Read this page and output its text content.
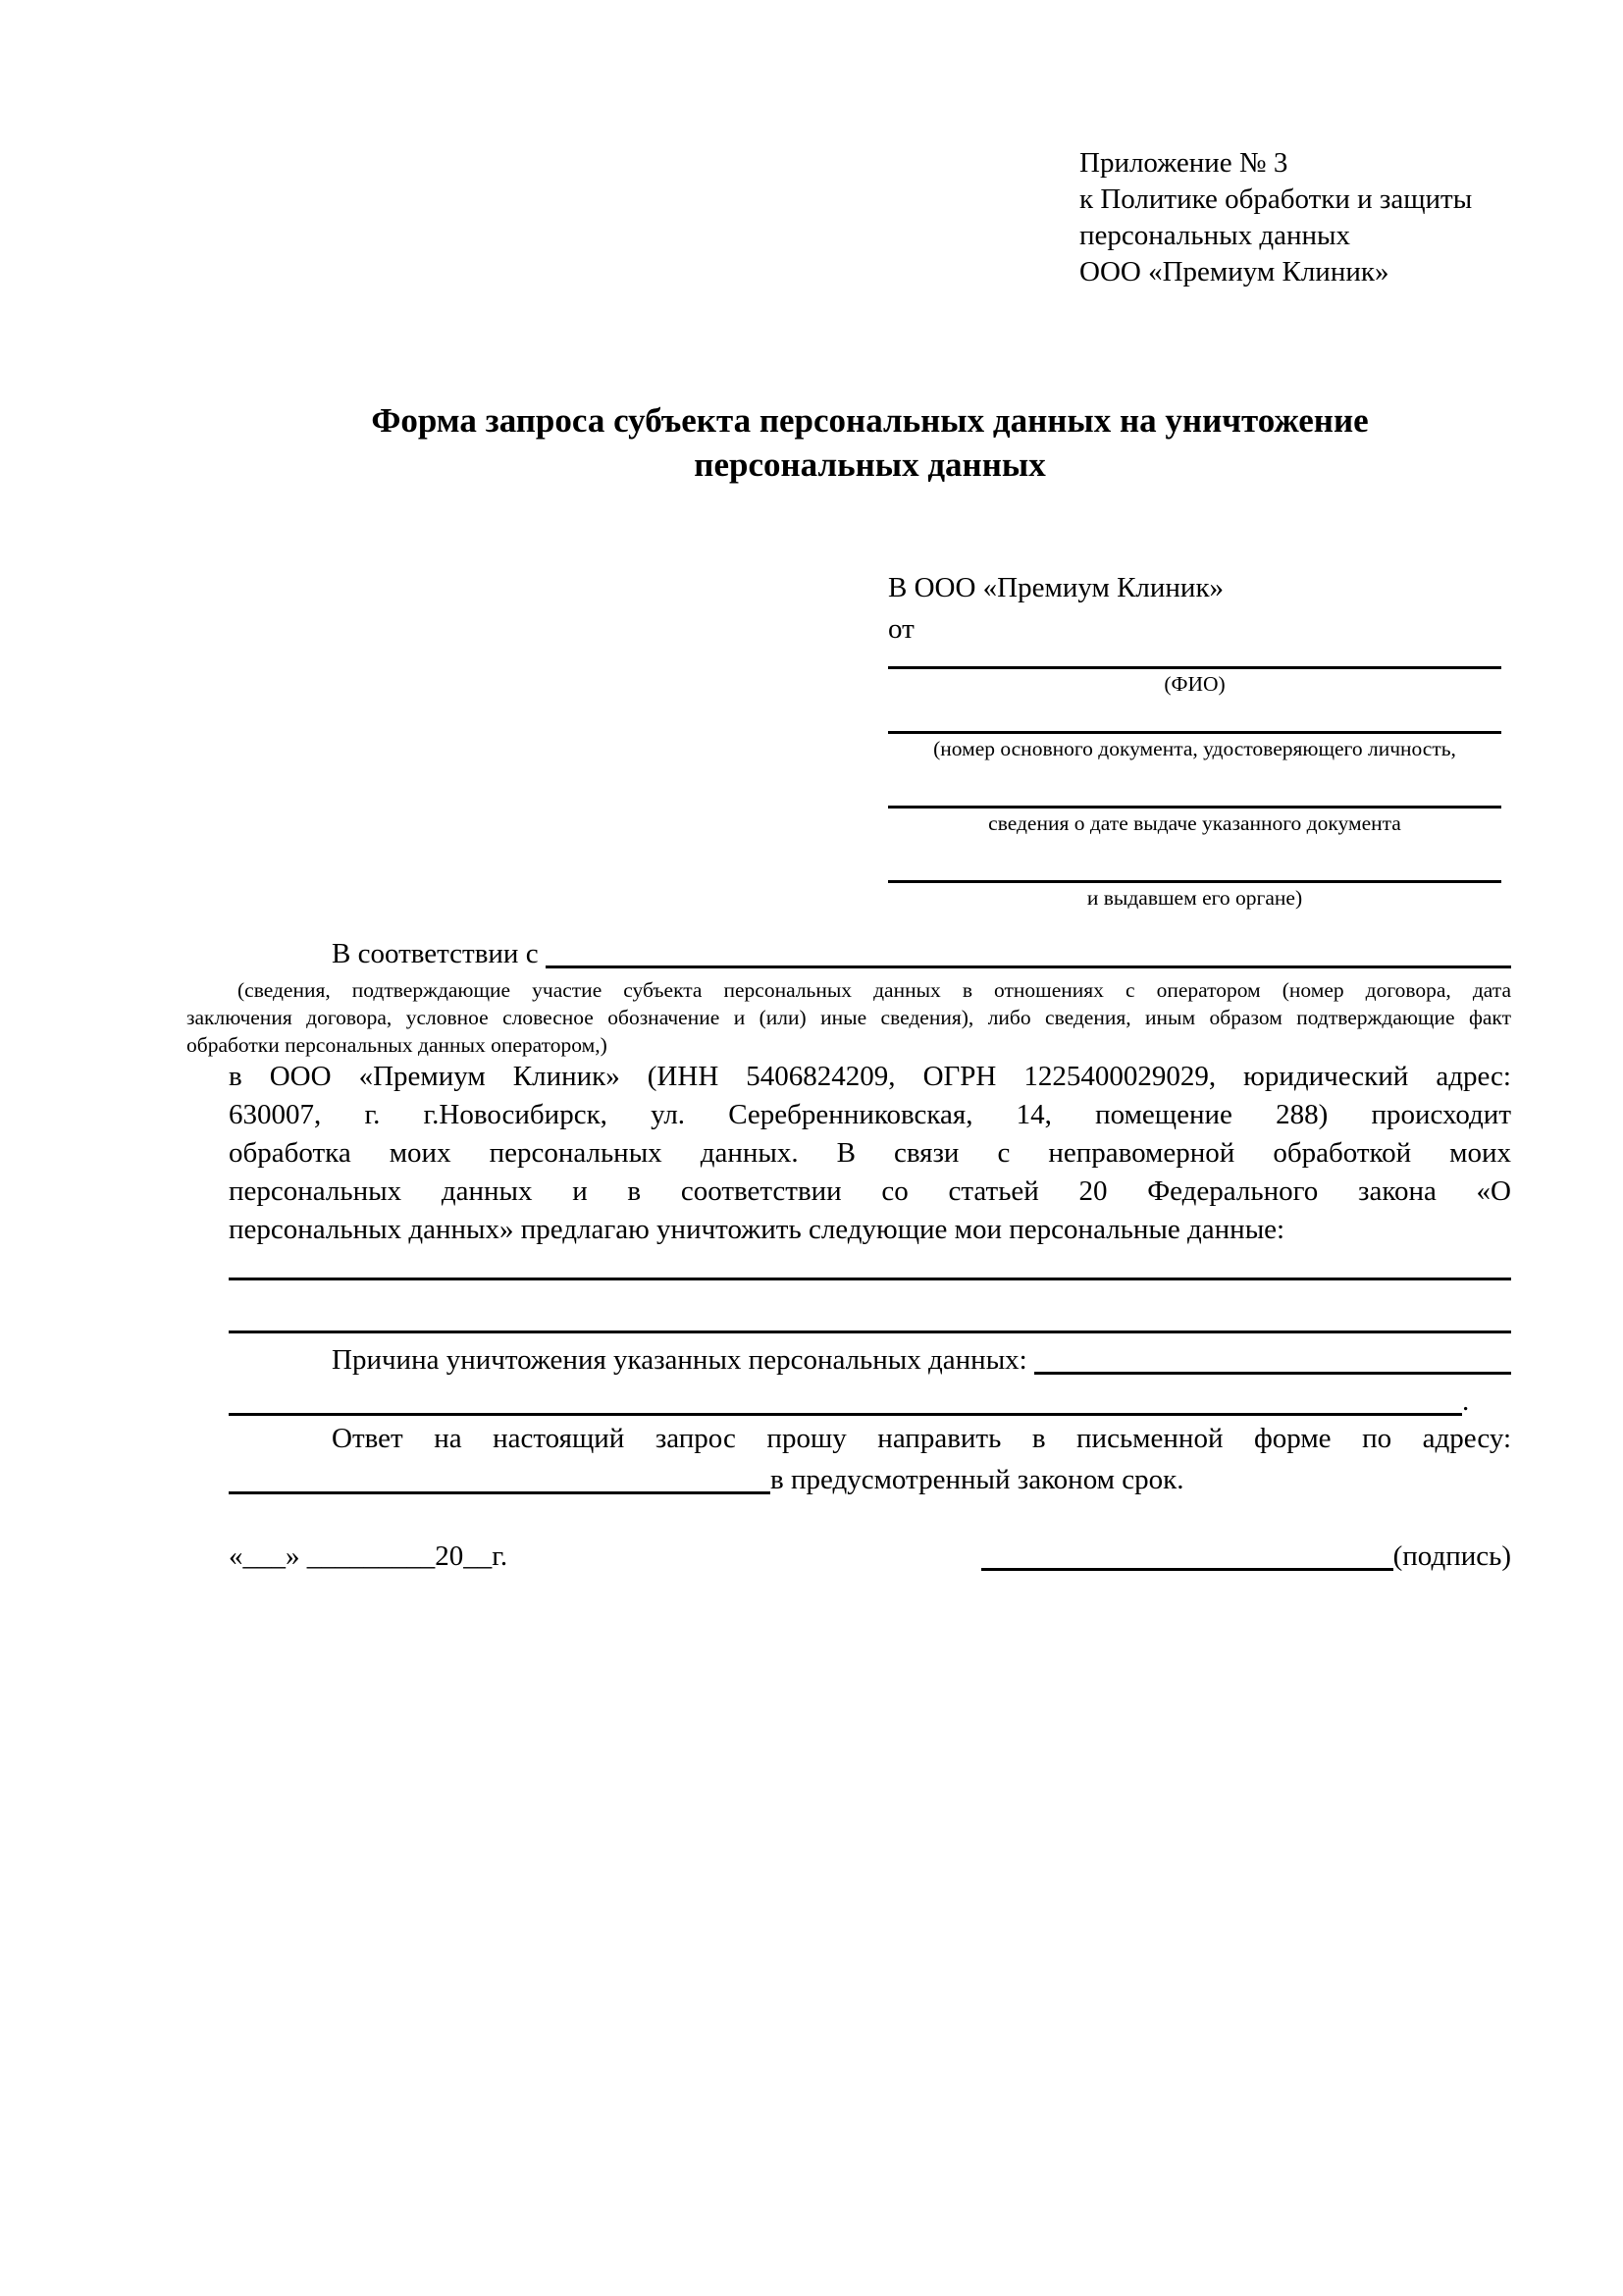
Приложение № 3
к Политике обработки и защиты
персональных данных
ООО «Премиум Клиник»
Форма запроса субъекта персональных данных на уничтожение
персональных данных
В ООО «Премиум Клиник»
от
(ФИО)
(номер основного документа, удостоверяющего личность,
сведения о дате выдаче указанного документа
и выдавшем его органе)
В соответствии с
(сведения, подтверждающие участие субъекта персональных данных в отношениях с оператором (номер договора, дата
заключения договора, условное словесное обозначение и (или) иные сведения), либо сведения, иным образом подтверждающие факт
обработки персональных данных оператором,)
в ООО «Премиум Клиник» (ИНН 5406824209, ОГРН 1225400029029, юридический адрес:
630007, г. г.Новосибирск, ул. Серебренниковская, 14, помещение 288) происходит
обработка моих персональных данных. В связи с неправомерной обработкой моих
персональных данных и в соответствии со статьей 20 Федерального закона «О
персональных данных» предлагаю уничтожить следующие мои персональные данные:
Причина уничтожения указанных персональных данных:
.
Ответ на настоящий запрос прошу направить в письменной форме по адресу:
в предусмотренный законом срок.
«___» _________20__г.	(подпись)
